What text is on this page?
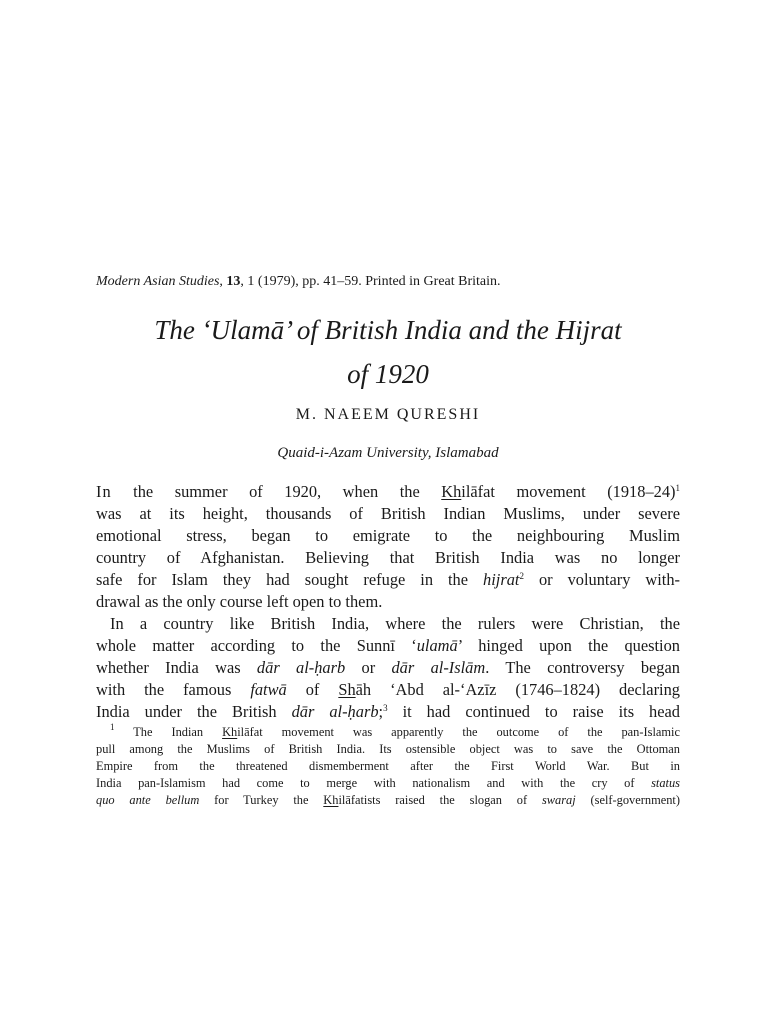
Modern Asian Studies, 13, 1 (1979), pp. 41–59. Printed in Great Britain.
The ‘Ulamā’ of British India and the Hijrat
of 1920
M. NAEEM QURESHI
Quaid-i-Azam University, Islamabad
In the summer of 1920, when the Khilāfat movement (1918–24)$^1$
was at its height, thousands of British Indian Muslims, under severe
emotional stress, began to emigrate to the neighbouring Muslim
country of Afghanistan. Believing that British India was no longer
safe for Islam they had sought refuge in the hijrat$^2$ or voluntary with-
drawal as the only course left open to them.
In a country like British India, where the rulers were Christian, the
whole matter according to the Sunnī ‘ulamā’ hinged upon the question
whether India was dār al-ḥarb or dār al-Islām. The controversy began
with the famous fatwā of Shāh ‘Abd al-‘Azīz (1746–1824) declaring
India under the British dār al-ḥarb;$^3$ it had continued to raise its head
$^1$ The Indian Khilāfat movement was apparently the outcome of the pan-Islamic
pull among the Muslims of British India. Its ostensible object was to save the Ottoman
Empire from the threatened dismemberment after the First World War. But in
India pan-Islamism had come to merge with nationalism and with the cry of status
quo ante bellum for Turkey the Khilāfatists raised the slogan of swaraj (self-government)
